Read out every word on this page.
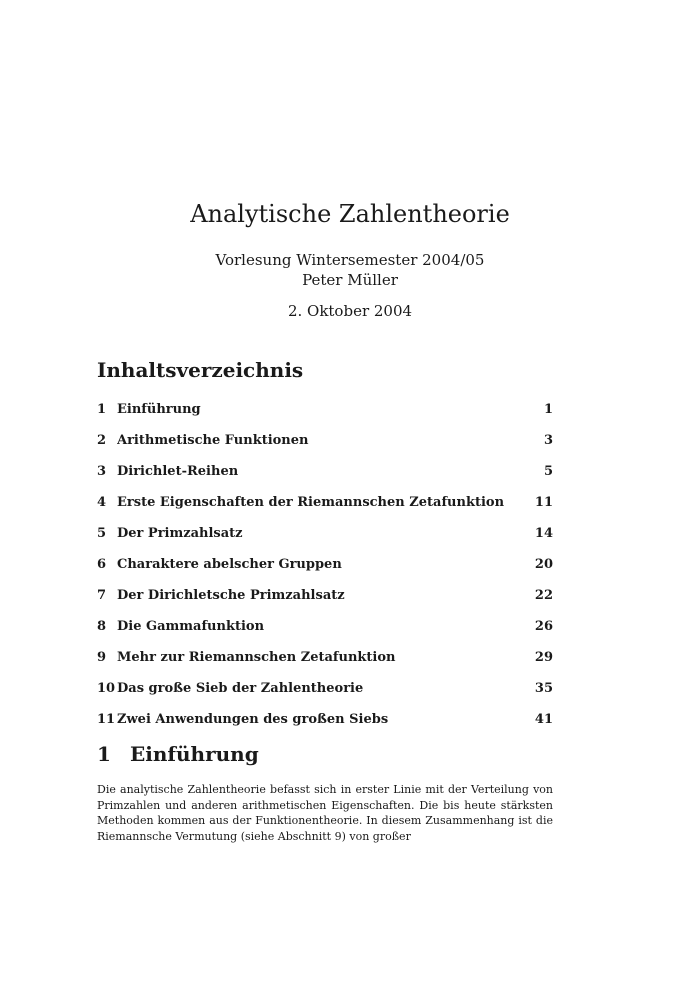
Analytische Zahlentheorie
Vorlesung Wintersemester 2004/05
Peter Müller
2. Oktober 2004
Inhaltsverzeichnis
1 Einführung	1
2 Arithmetische Funktionen	3
3 Dirichlet-Reihen	5
4 Erste Eigenschaften der Riemannschen Zetafunktion	11
5 Der Primzahlsatz	14
6 Charaktere abelscher Gruppen	20
7 Der Dirichletsche Primzahlsatz	22
8 Die Gammafunktion	26
9 Mehr zur Riemannschen Zetafunktion	29
10 Das große Sieb der Zahlentheorie	35
11 Zwei Anwendungen des großen Siebs	41
1 Einführung

Die analytische Zahlentheorie befasst sich in erster Linie mit der Verteilung von Primzahlen und anderen arithmetischen Eigenschaften. Die bis heute stärksten Methoden kommen aus der Funktionentheorie. In diesem Zusammenhang ist die Riemannsche Vermutung (siehe Abschnitt 9) von großer
